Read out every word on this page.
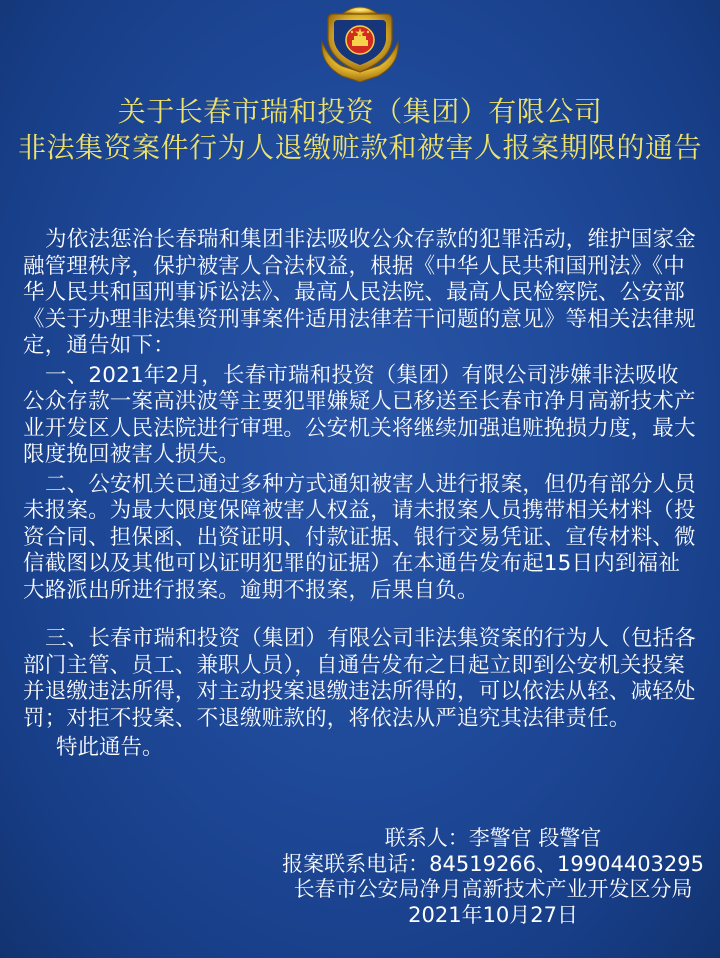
关于长春市瑞和投资（集团）有限公司
非法集资案件行为人退缴赃款和被害人报案期限的通告

为依法惩治长春瑞和集团非法吸收公众存款的犯罪活动，维护国家金融管理秩序，保护被害人合法权益，根据《中华人民共和国刑法》《中华人民共和国刑事诉讼法》、最高人民法院、最高人民检察院、公安部《关于办理非法集资刑事案件适用法律若干问题的意见》等相关法律规定，通告如下：

一、2021年2月，长春市瑞和投资（集团）有限公司涉嫌非法吸收公众存款一案高洪波等主要犯罪嫌疑人已移送至长春市净月高新技术产业开发区人民法院进行审理。公安机关将继续加强追赃挽损力度，最大限度挽回被害人损失。

二、公安机关已通过多种方式通知被害人进行报案，但仍有部分人员未报案。为最大限度保障被害人权益，请未报案人员携带相关材料（投资合同、担保函、出资证明、付款证据、银行交易凭证、宣传材料、微信截图以及其他可以证明犯罪的证据）在本通告发布起15日内到福祉大路派出所进行报案。逾期不报案，后果自负。

三、长春市瑞和投资（集团）有限公司非法集资案的行为人（包括各部门主管、员工、兼职人员），自通告发布之日起立即到公安机关投案并退缴违法所得，对主动投案退缴违法所得的，可以依法从轻、减轻处罚；对拒不投案、不退缴赃款的，将依法从严追究其法律责任。

特此通告。
联系人：李警官 段警官
报案联系电话：84519266、19904403295
长春市公安局净月高新技术产业开发区分局
2021年10月27日
